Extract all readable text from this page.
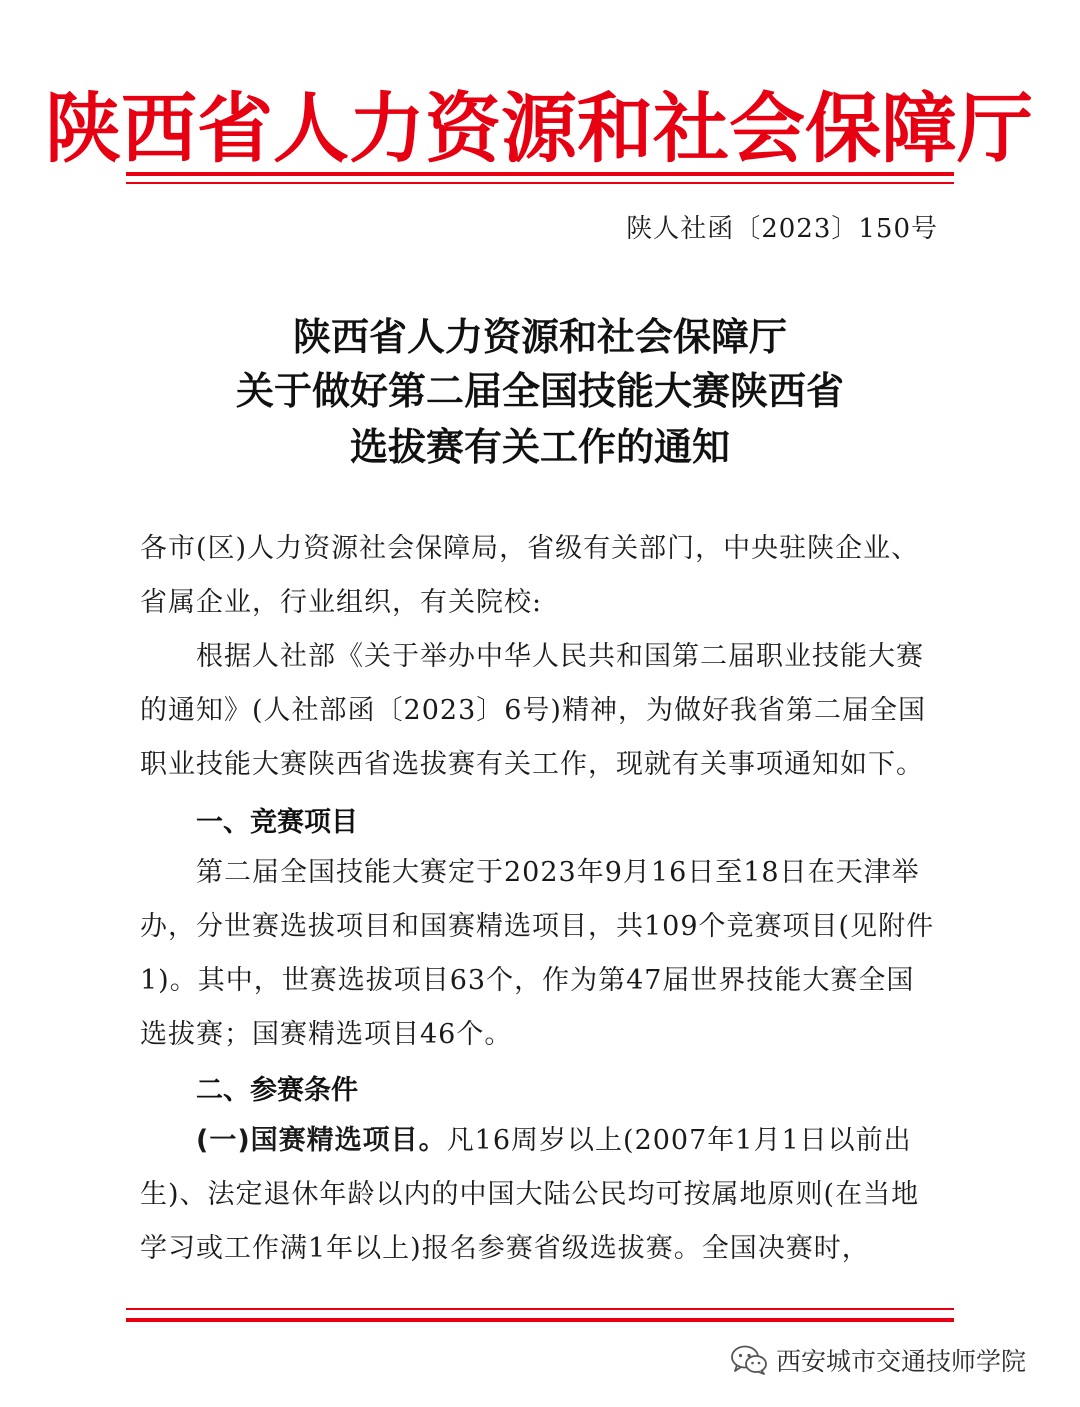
陕西省人力资源和社会保障厅
陕人社函〔2023〕150号
陕西省人力资源和社会保障厅
关于做好第二届全国技能大赛陕西省
选拔赛有关工作的通知
各市(区)人力资源社会保障局，省级有关部门，中央驻陕企业、省属企业，行业组织，有关院校:
根据人社部《关于举办中华人民共和国第二届职业技能大赛的通知》(人社部函〔2023〕6号)精神，为做好我省第二届全国职业技能大赛陕西省选拔赛有关工作，现就有关事项通知如下。
一、竞赛项目
第二届全国技能大赛定于2023年9月16日至18日在天津举办，分世赛选拔项目和国赛精选项目，共109个竞赛项目(见附件1)。其中，世赛选拔项目63个，作为第47届世界技能大赛全国选拔赛；国赛精选项目46个。
二、参赛条件
(一)国赛精选项目。凡16周岁以上(2007年1月1日以前出生)、法定退休年龄以内的中国大陆公民均可按属地原则(在当地学习或工作满1年以上)报名参赛省级选拔赛。全国决赛时，
西安城市交通技师学院
